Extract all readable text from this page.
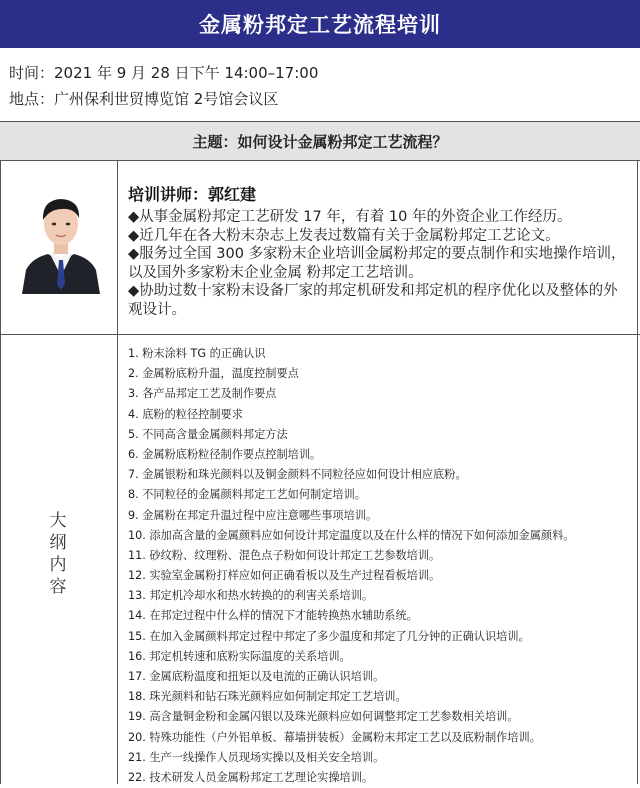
金属粉邦定工艺流程培训
时间：2021 年 9 月 28 日下午 14:00–17:00
地点：广州保利世贸博览馆 2号馆会议区
主题：如何设计金属粉邦定工艺流程？
培训讲师：郭红建

◆从事金属粉邦定工艺研发 17 年，有着 10 年的外资企业工作经历。

◆近几年在各大粉末杂志上发表过数篇有关于金属粉邦定工艺论文。

◆服务过全国 300 多家粉末企业培训金属粉邦定的要点制作和实地操作培训， 以及国外多家粉末企业金属 粉邦定工艺培训。

◆协助过数十家粉末设备厂家的邦定机研发和邦定机的程序优化以及整体的外观设计。

大
纲
内
容
1. 粉末涂料 TG 的正确认识
2. 金属粉底粉升温，温度控制要点
3. 各产品邦定工艺及制作要点
4. 底粉的粒径控制要求
5. 不同高含量金属颜料邦定方法
6. 金属粉底粉粒径制作要点控制培训。
7. 金属银粉和珠光颜料以及铜金颜料不同粒径应如何设计相应底粉。
8. 不同粒径的金属颜料邦定工艺如何制定培训。
9. 金属粉在邦定升温过程中应注意哪些事项培训。
10. 添加高含量的金属颜料应如何设计邦定温度以及在什么样的情况下如何添加金属颜料。
11. 砂纹粉、纹理粉、混色点子粉如何设计邦定工艺参数培训。
12. 实验室金属粉打样应如何正确看板以及生产过程看板培训。
13. 邦定机冷却水和热水转换的的利害关系培训。
14. 在邦定过程中什么样的情况下才能转换热水辅助系统。
15. 在加入金属颜料邦定过程中邦定了多少温度和邦定了几分钟的正确认识培训。
16. 邦定机转速和底粉实际温度的关系培训。
17. 金属底粉温度和扭矩以及电流的正确认识培训。
18. 珠光颜料和钻石珠光颜料应如何制定邦定工艺培训。
19. 高含量铜金粉和金属闪银以及珠光颜料应如何调整邦定工艺参数相关培训。
20. 特殊功能性（户外铝单板、幕墙拼装板）金属粉末邦定工艺以及底粉制作培训。
21. 生产一线操作人员现场实操以及相关安全培训。
22. 技术研发人员金属粉邦定工艺理论实操培训。
